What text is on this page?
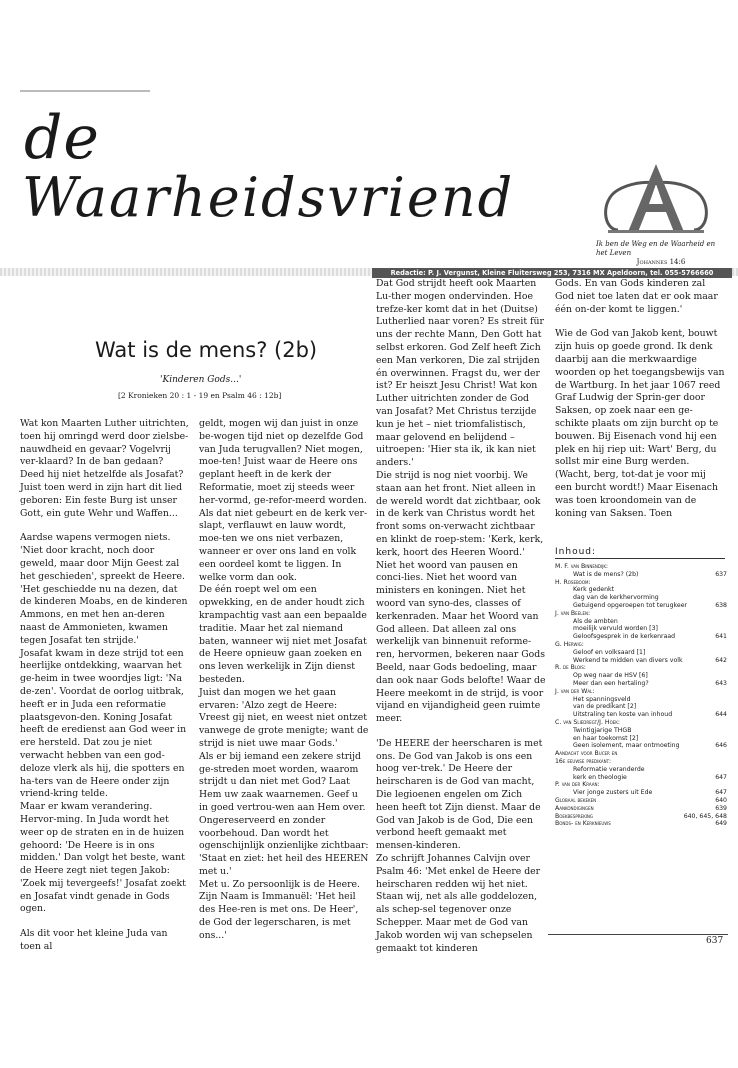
de
Waarheidsvriend
Ik ben de Weg en de Waarheid en het Leven
Johannes 14:6
Redactie: P. J. Vergunst, Kleine Fluitersweg 253, 7316 MX Apeldoorn, tel. 055-5766660
Wat is de mens? (2b)
'Kinderen Gods...'
[2 Kronieken 20 : 1 - 19 en Psalm 46 : 12b]

Wat kon Maarten Luther uitrichten, toen hij omringd werd door zielsbe-nauwdheid en gevaar? Vogelvrij ver-klaard? In de ban gedaan? Deed hij niet hetzelfde als Josafat? Juist toen werd in zijn hart dit lied geboren: Ein feste Burg ist unser Gott, ein gute Wehr und Waffen...

Aardse wapens vermogen niets. 'Niet door kracht, noch door geweld, maar door Mijn Geest zal het geschieden', spreekt de Heere. 'Het geschiedde nu na dezen, dat de kinderen Moabs, en de kinderen Ammons, en met hen an-deren naast de Ammonieten, kwamen tegen Josafat ten strijde.'

Josafat kwam in deze strijd tot een heerlijke ontdekking, waarvan het ge-heim in twee woordjes ligt: 'Na de-zen'. Voordat de oorlog uitbrak, heeft er in Juda een reformatie plaatsgevon-den. Koning Josafat heeft de eredienst aan God weer in ere hersteld. Dat zou je niet verwacht hebben van een god-deloze vlerk als hij, die spotters en ha-ters van de Heere onder zijn vriend-kring telde.

Maar er kwam verandering. Hervor-ming. In Juda wordt het weer op de straten en in de huizen gehoord: 'De Heere is in ons midden.' Dan volgt het beste, want de Heere zegt niet tegen Jakob: 'Zoek mij tevergeefs!' Josafat zoekt en Josafat vindt genade in Gods ogen.

Als dit voor het kleine Juda van toen al

geldt, mogen wij dan juist in onze be-wogen tijd niet op dezelfde God van Juda terugvallen? Niet mogen, moe-ten! Juist waar de Heere ons geplant heeft in de kerk der Reformatie, moet zij steeds weer her-vormd, ge-refor-meerd worden.

Als dat niet gebeurt en de kerk ver-slapt, verflauwt en lauw wordt, moe-ten we ons niet verbazen, wanneer er over ons land en volk een oordeel komt te liggen. In welke vorm dan ook.

De één roept wel om een opwekking, en de ander houdt zich krampachtig vast aan een bepaalde traditie. Maar het zal niemand baten, wanneer wij niet met Josafat de Heere opnieuw gaan zoeken en ons leven werkelijk in Zijn dienst besteden.

Juist dan mogen we het gaan ervaren: 'Alzo zegt de Heere: Vreest gij niet, en weest niet ontzet vanwege de grote menigte; want de strijd is niet uwe maar Gods.'

Als er bij iemand een zekere strijd ge-streden moet worden, waarom strijdt u dan niet met God? Laat Hem uw zaak waarnemen. Geef u in goed vertrou-wen aan Hem over. Ongereserveerd en zonder voorbehoud. Dan wordt het ogenschijnlijk onzienlijke zichtbaar: 'Staat en ziet: het heil des HEEREN met u.'

Met u. Zo persoonlijk is de Heere. Zijn Naam is Immanuël: 'Het heil des Hee-ren is met ons. De Heer', de God der legerscharen, is met ons...'

Dat God strijdt heeft ook Maarten Lu-ther mogen ondervinden. Hoe trefze-ker komt dat in het (Duitse) Lutherlied naar voren? Es streit für uns der rechte Mann, Den Gott hat selbst erkoren. God Zelf heeft Zich een Man verkoren, Die zal strijden én overwinnen. Fragst du, wer der ist? Er heiszt Jesu Christ! Wat kon Luther uitrichten zonder de God van Josafat? Met Christus terzijde kun je het – niet triomfalistisch, maar gelovend en belijdend – uitroepen: 'Hier sta ik, ik kan niet anders.'

Die strijd is nog niet voorbij. We staan aan het front. Niet alleen in de wereld wordt dat zichtbaar, ook in de kerk van Christus wordt het front soms on-verwacht zichtbaar en klinkt de roep-stem: 'Kerk, kerk, kerk, hoort des Heeren Woord.'

Niet het woord van pausen en conci-lies. Niet het woord van ministers en koningen. Niet het woord van syno-des, classes of kerkenraden. Maar het Woord van God alleen. Dat alleen zal ons werkelijk van binnenuit reforme-ren, hervormen, bekeren naar Gods Beeld, naar Gods bedoeling, maar dan ook naar Gods belofte! Waar de Heere meekomt in de strijd, is voor vijand en vijandigheid geen ruimte meer.

'De HEERE der heerscharen is met ons. De God van Jakob is ons een hoog ver-trek.' De Heere der heirscharen is de God van macht, Die legioenen engelen om Zich heen heeft tot Zijn dienst. Maar de God van Jakob is de God, Die een verbond heeft gemaakt met mensen-kinderen.

Zo schrijft Johannes Calvijn over Psalm 46: 'Met enkel de Heere der heirscharen redden wij het niet. Staan wij, net als alle goddelozen, als schep-sel tegenover onze Schepper. Maar met de God van Jakob worden wij van schepselen gemaakt tot kinderen

Gods. En van Gods kinderen zal God niet toe laten dat er ook maar één on-der komt te liggen.'

Wie de God van Jakob kent, bouwt zijn huis op goede grond. Ik denk daarbij aan die merkwaardige woorden op het toegangsbewijs van de Wartburg. In het jaar 1067 reed Graf Ludwig der Sprin-ger door Saksen, op zoek naar een ge-schikte plaats om zijn burcht op te bouwen. Bij Eisenach vond hij een plek en hij riep uit: Wart' Berg, du sollst mir eine Burg werden. (Wacht, berg, tot-dat je voor mij een burcht wordt!) Maar Eisenach was toen kroondomein van de koning van Saksen. Toen

Inhoud:
M. F. van Binnendijk:
Wat is de mens? (2b)	637
H. Roseboom:
Kerk gedenkt
dag van de kerkhervorming
Getuigend opgeroepen tot terugkeer	638
J. van Beelen:
Als de ambten
moeilijk vervuld worden [3]
Geloofsgesprek in de kerkenraad	641
G. Herwig:
Geloof en volksaard [1]
Werkend te midden van divers volk	642
R. de Blois:
Op weg naar de HSV [6]
Meer dan een hertaling?	643
J. van der Wal:
Het spanningsveld
van de predikant [2]
Uitstraling ten koste van inhoud	644
C. van Sliedregt/J. Hoek:
Twintigjarige THGB
en haar toekomst [2]
Geen isolement, maar ontmoeting	646
Aandacht voor Bucer en
16e eeuwse predikant:
Reformatie veranderde
kerk en theologie	647
P. van der Kraan:
Vier jonge zusters uit Ede	647
Globaal bekeken	640
Aankondigingen	639
Boekbespreking	640, 645, 648
Bonds- en Kerknieuws	649
637
